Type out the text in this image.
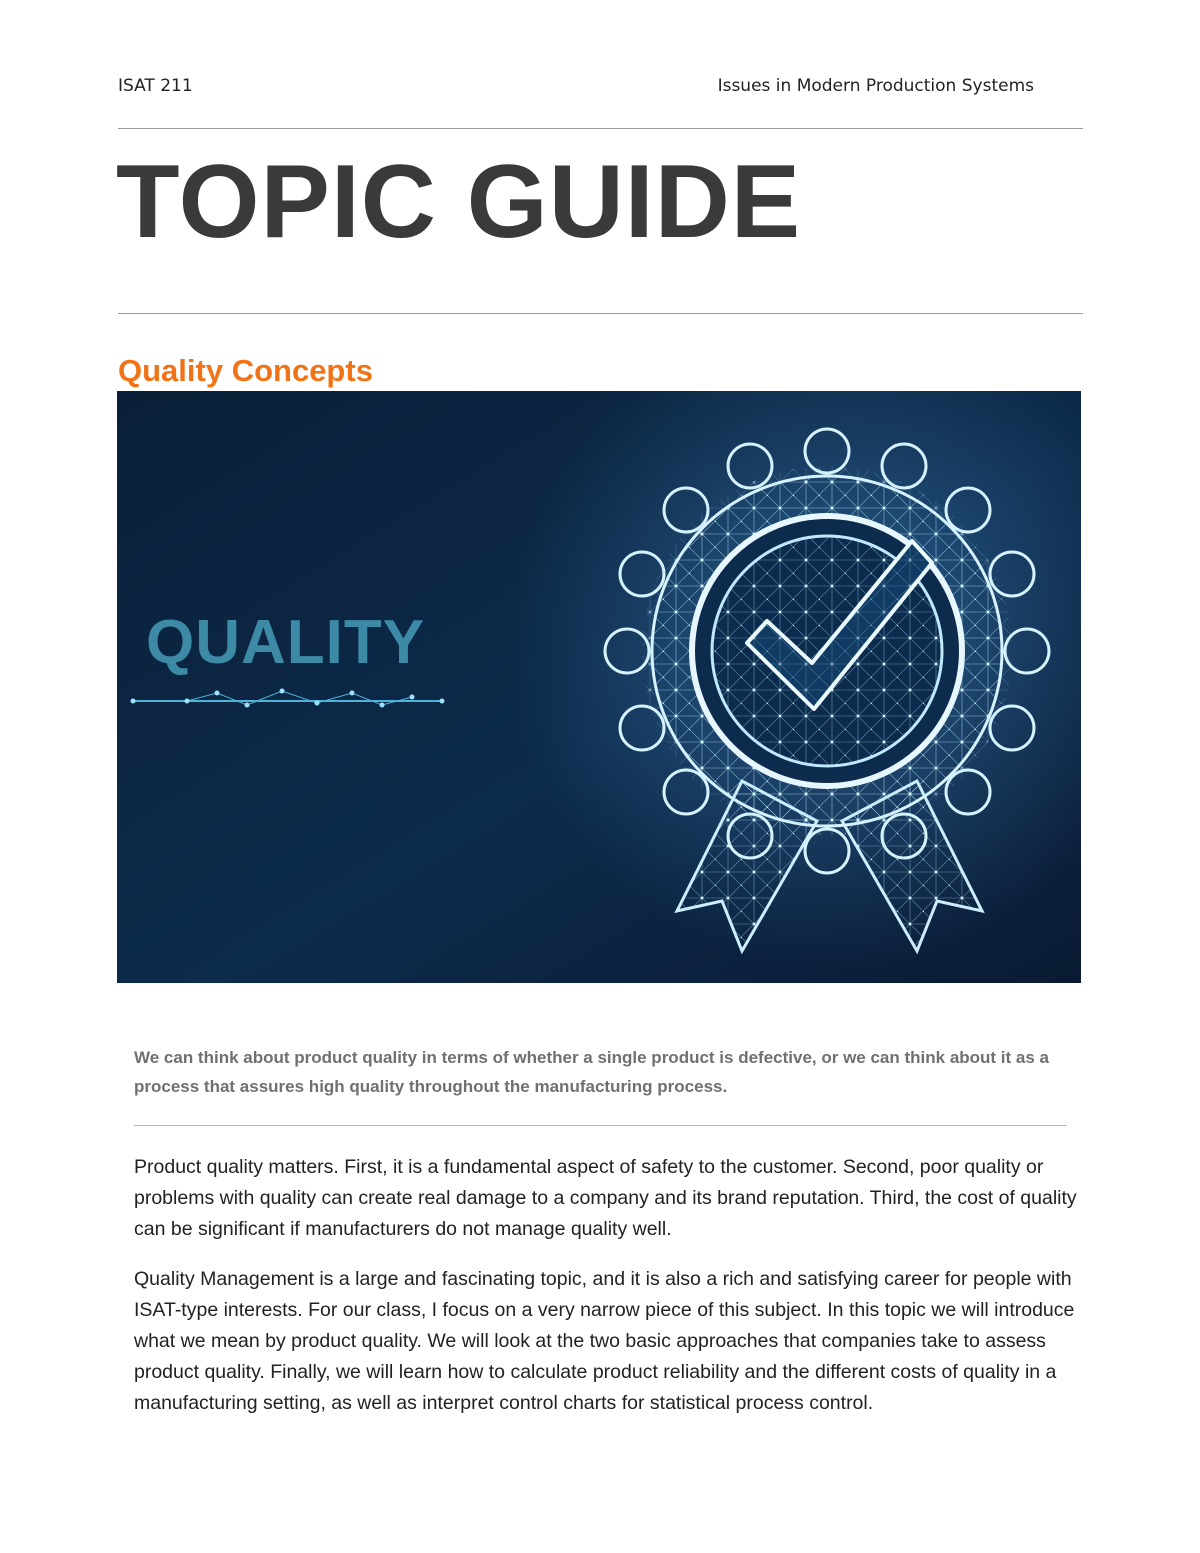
ISAT 211	Issues in Modern Production Systems
TOPIC GUIDE
Quality Concepts
QUALITY
We can think about product quality in terms of whether a single product is defective, or we can think about it as a process that assures high quality throughout the manufacturing process.
Product quality matters. First, it is a fundamental aspect of safety to the customer. Second, poor quality or problems with quality can create real damage to a company and its brand reputation. Third, the cost of quality can be significant if manufacturers do not manage quality well.
Quality Management is a large and fascinating topic, and it is also a rich and satisfying career for people with ISAT-type interests. For our class, I focus on a very narrow piece of this subject. In this topic we will introduce what we mean by product quality. We will look at the two basic approaches that companies take to assess product quality. Finally, we will learn how to calculate product reliability and the different costs of quality in a manufacturing setting, as well as interpret control charts for statistical process control.
